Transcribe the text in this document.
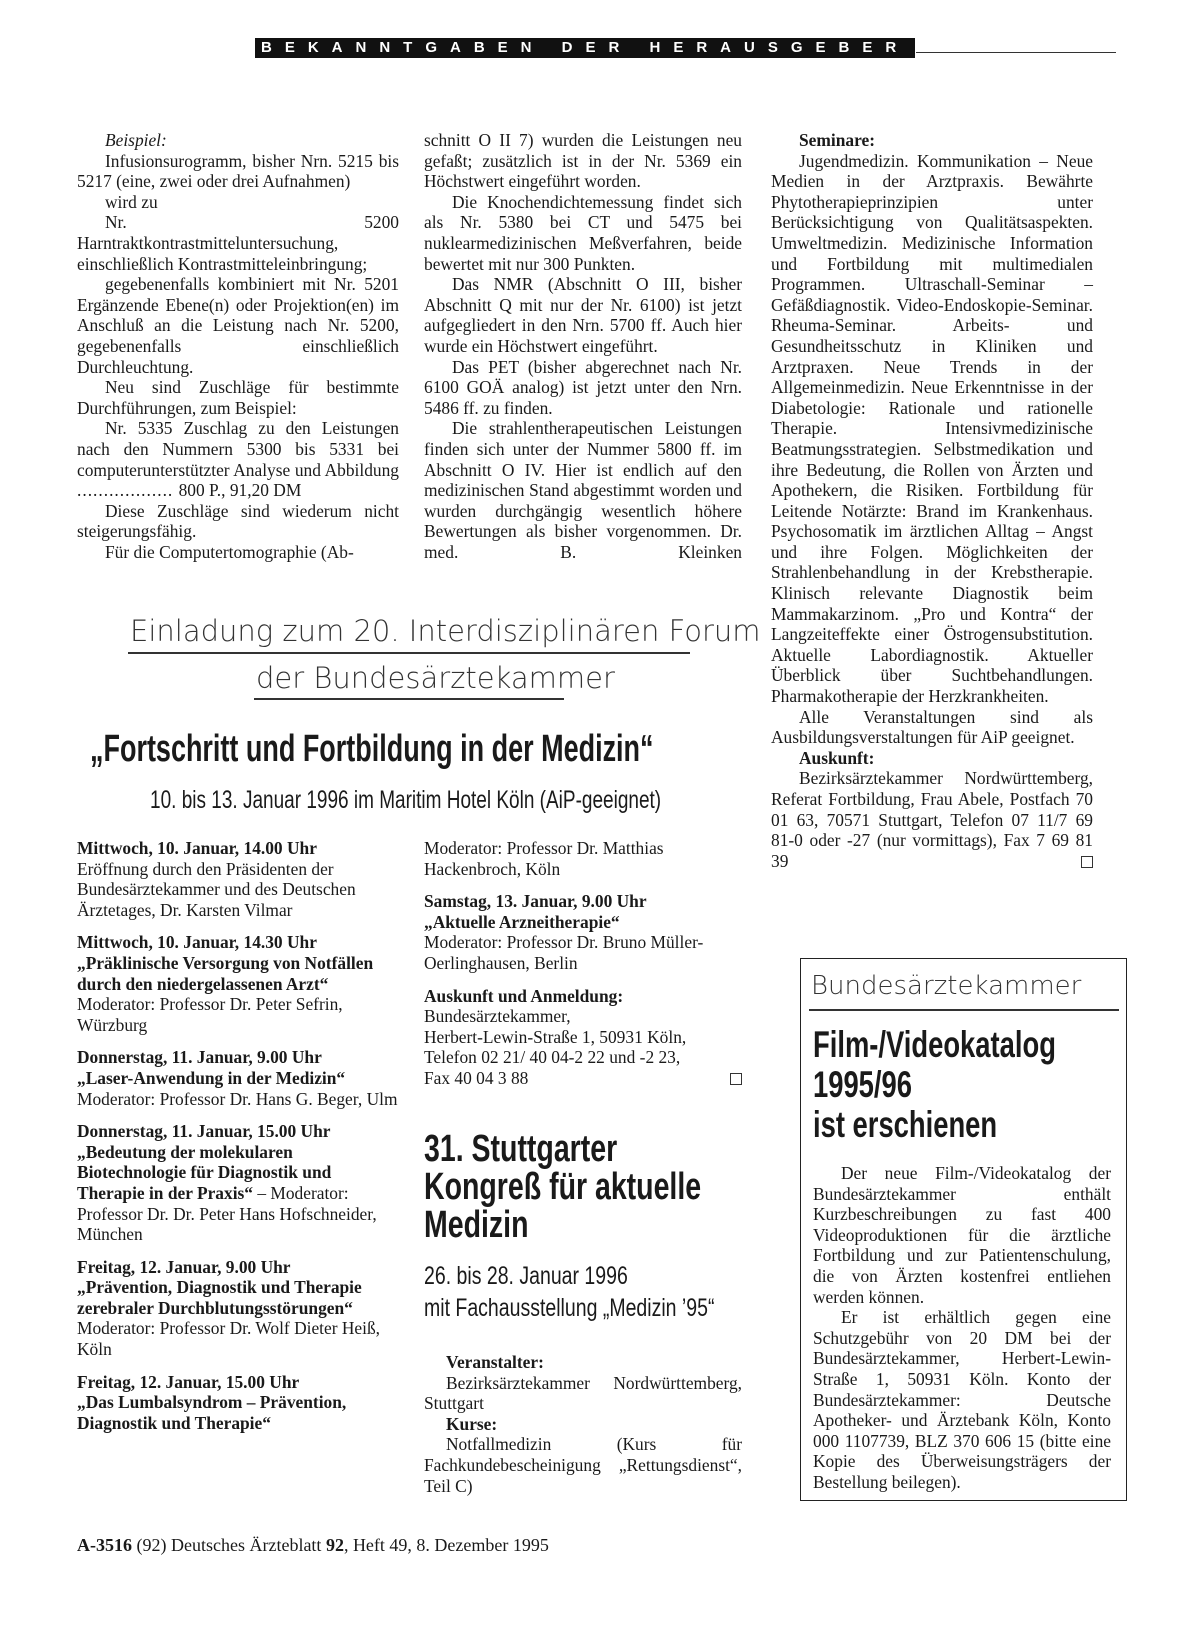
BEKANNTGABEN DER HERAUSGEBER

Beispiel:

Infusionsurogramm, bisher Nrn. 5215 bis 5217 (eine, zwei oder drei Aufnahmen)

wird zu

Nr. 5200 Harntraktkontrastmitteluntersuchung, einschließlich Kontrastmitteleinbringung;

gegebenenfalls kombiniert mit Nr. 5201 Ergänzende Ebene(n) oder Projektion(en) im Anschluß an die Leistung nach Nr. 5200, gegebenenfalls einschließlich Durchleuchtung.

Neu sind Zuschläge für bestimmte Durchführungen, zum Beispiel:

Nr. 5335 Zuschlag zu den Leistungen nach den Nummern 5300 bis 5331 bei computerunterstützter Analyse und Abbildung .................. 800 P., 91,20 DM

Diese Zuschläge sind wiederum nicht steigerungsfähig.

Für die Computertomographie (Ab-

schnitt O II 7) wurden die Leistungen neu gefaßt; zusätzlich ist in der Nr. 5369 ein Höchstwert eingeführt worden.

Die Knochendichtemessung findet sich als Nr. 5380 bei CT und 5475 bei nuklearmedizinischen Meßverfahren, beide bewertet mit nur 300 Punkten.

Das NMR (Abschnitt O III, bisher Abschnitt Q mit nur der Nr. 6100) ist jetzt aufgegliedert in den Nrn. 5700 ff. Auch hier wurde ein Höchstwert eingeführt.

Das PET (bisher abgerechnet nach Nr. 6100 GOÄ analog) ist jetzt unter den Nrn. 5486 ff. zu finden.

Die strahlentherapeutischen Leistungen finden sich unter der Nummer 5800 ff. im Abschnitt O IV. Hier ist endlich auf den medizinischen Stand abgestimmt worden und wurden durchgängig wesentlich höhere Bewertungen als bisher vorgenommen. Dr. med. B. Kleinken

Seminare:

Jugendmedizin. Kommunikation – Neue Medien in der Arztpraxis. Bewährte Phytotherapieprinzipien unter Berücksichtigung von Qualitätsaspekten. Umweltmedizin. Medizinische Information und Fortbildung mit multimedialen Programmen. Ultraschall-Seminar – Gefäßdiagnostik. Video-Endoskopie-Seminar. Rheuma-Seminar. Arbeits- und Gesundheitsschutz in Kliniken und Arztpraxen. Neue Trends in der Allgemeinmedizin. Neue Erkenntnisse in der Diabetologie: Rationale und rationelle Therapie. Intensivmedizinische Beatmungsstrategien. Selbstmedikation und ihre Bedeutung, die Rollen von Ärzten und Apothekern, die Risiken. Fortbildung für Leitende Notärzte: Brand im Krankenhaus. Psychosomatik im ärztlichen Alltag – Angst und ihre Folgen. Möglichkeiten der Strahlenbehandlung in der Krebstherapie. Klinisch relevante Diagnostik beim Mammakarzinom. „Pro und Kontra“ der Langzeiteffekte einer Östrogensubstitution. Aktuelle Labordiagnostik. Aktueller Überblick über Suchtbehandlungen. Pharmakotherapie der Herzkrankheiten.

Alle Veranstaltungen sind als Ausbildungsverstaltungen für AiP geeignet.

Auskunft:

Bezirksärztekammer Nordwürttemberg, Referat Fortbildung, Frau Abele, Postfach 70 01 63, 70571 Stuttgart, Telefon 07 11/7 69 81-0 oder -27 (nur vormittags), Fax 7 69 81 39

Einladung zum 20. Interdisziplinären Forum
der Bundesärztekammer
„Fortschritt und Fortbildung in der Medizin“
10. bis 13. Januar 1996 im Maritim Hotel Köln (AiP-geeignet)
Mittwoch, 10. Januar, 14.00 Uhr
Eröffnung durch den Präsidenten der Bundesärztekammer und des Deutschen Ärztetages, Dr. Karsten Vilmar
Mittwoch, 10. Januar, 14.30 Uhr
„Präklinische Versorgung von Notfällen durch den niedergelassenen Arzt“
Moderator: Professor Dr. Peter Sefrin, Würzburg
Donnerstag, 11. Januar, 9.00 Uhr
„Laser-Anwendung in der Medizin“
Moderator: Professor Dr. Hans G. Beger, Ulm
Donnerstag, 11. Januar, 15.00 Uhr
„Bedeutung der molekularen Biotechnologie für Diagnostik und Therapie in der Praxis“ – Moderator: Professor Dr. Dr. Peter Hans Hofschneider, München
Freitag, 12. Januar, 9.00 Uhr
„Prävention, Diagnostik und Therapie zerebraler Durchblutungsstörungen“
Moderator: Professor Dr. Wolf Dieter Heiß, Köln
Freitag, 12. Januar, 15.00 Uhr
„Das Lumbalsyndrom – Prävention, Diagnostik und Therapie“
Moderator: Professor Dr. Matthias Hackenbroch, Köln
Samstag, 13. Januar, 9.00 Uhr
„Aktuelle Arzneitherapie“
Moderator: Professor Dr. Bruno Müller-Oerlinghausen, Berlin
Auskunft und Anmeldung:
Bundesärztekammer,
Herbert-Lewin-Straße 1, 50931 Köln,
Telefon 02 21/ 40 04-2 22 und -2 23,
Fax 40 04 3 88
31. Stuttgarter
Kongreß für aktuelle
Medizin
26. bis 28. Januar 1996
mit Fachausstellung „Medizin ’95“
Veranstalter:
Bezirksärztekammer Nordwürttemberg, Stuttgart
Kurse:
Notfallmedizin (Kurs für Fachkundebescheinigung „Rettungsdienst“, Teil C)
Bundesärztekammer
Film-/Videokatalog
1995/96
ist erschienen

Der neue Film-/Videokatalog der Bundesärztekammer enthält Kurzbeschreibungen zu fast 400 Videoproduktionen für die ärztliche Fortbildung und zur Patientenschulung, die von Ärzten kostenfrei entliehen werden können.

Er ist erhältlich gegen eine Schutzgebühr von 20 DM bei der Bundesärztekammer, Herbert-Lewin-Straße 1, 50931 Köln. Konto der Bundesärztekammer: Deutsche Apotheker- und Ärztebank Köln, Konto 000 1107739, BLZ 370 606 15 (bitte eine Kopie des Überweisungsträgers der Bestellung beilegen).

A-3516 (92) Deutsches Ärzteblatt 92, Heft 49, 8. Dezember 1995
